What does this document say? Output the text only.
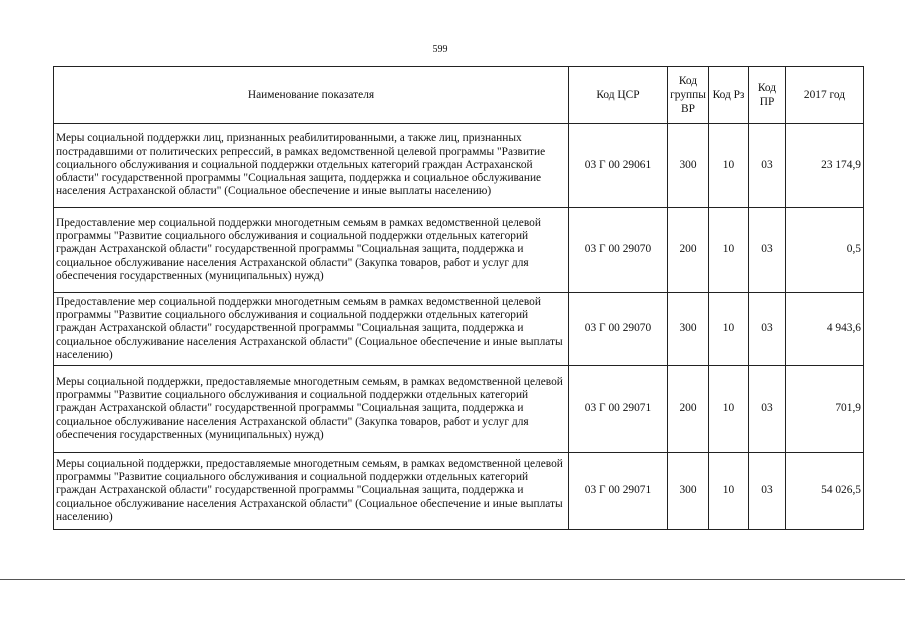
599
Наименование показателя	Код ЦСР	Код группы ВР	Код Рз	Код ПР	2017 год
Меры социальной поддержки лиц, признанных реабилитированными, а также лиц, признанных пострадавшими от политических репрессий, в рамках ведомственной целевой программы "Развитие социального обслуживания и социальной поддержки отдельных категорий граждан Астраханской области" государственной программы "Социальная защита, поддержка и социальное обслуживание населения Астраханской области" (Социальное обеспечение и иные выплаты населению)	03 Г 00 29061	300	10	03	23 174,9
Предоставление мер социальной поддержки многодетным семьям в рамках ведомственной целевой программы "Развитие социального обслуживания и социальной поддержки отдельных категорий граждан Астраханской области" государственной программы "Социальная защита, поддержка и социальное обслуживание населения Астраханской области" (Закупка товаров, работ и услуг для обеспечения государственных (муниципальных) нужд)	03 Г 00 29070	200	10	03	0,5
Предоставление мер социальной поддержки многодетным семьям в рамках ведомственной целевой программы "Развитие социального обслуживания и социальной поддержки отдельных категорий граждан Астраханской области" государственной программы "Социальная защита, поддержка и социальное обслуживание населения Астраханской области" (Социальное обеспечение и иные выплаты населению)	03 Г 00 29070	300	10	03	4 943,6
Меры социальной поддержки, предоставляемые многодетным семьям, в рамках ведомственной целевой программы "Развитие социального обслуживания и социальной поддержки отдельных категорий граждан Астраханской области" государственной программы "Социальная защита, поддержка и социальное обслуживание населения Астраханской области" (Закупка товаров, работ и услуг для обеспечения государственных (муниципальных) нужд)	03 Г 00 29071	200	10	03	701,9
Меры социальной поддержки, предоставляемые многодетным семьям, в рамках ведомственной целевой программы "Развитие социального обслуживания и социальной поддержки отдельных категорий граждан Астраханской области" государственной программы "Социальная защита, поддержка и социальное обслуживание населения Астраханской области" (Социальное обеспечение и иные выплаты населению)	03 Г 00 29071	300	10	03	54 026,5
